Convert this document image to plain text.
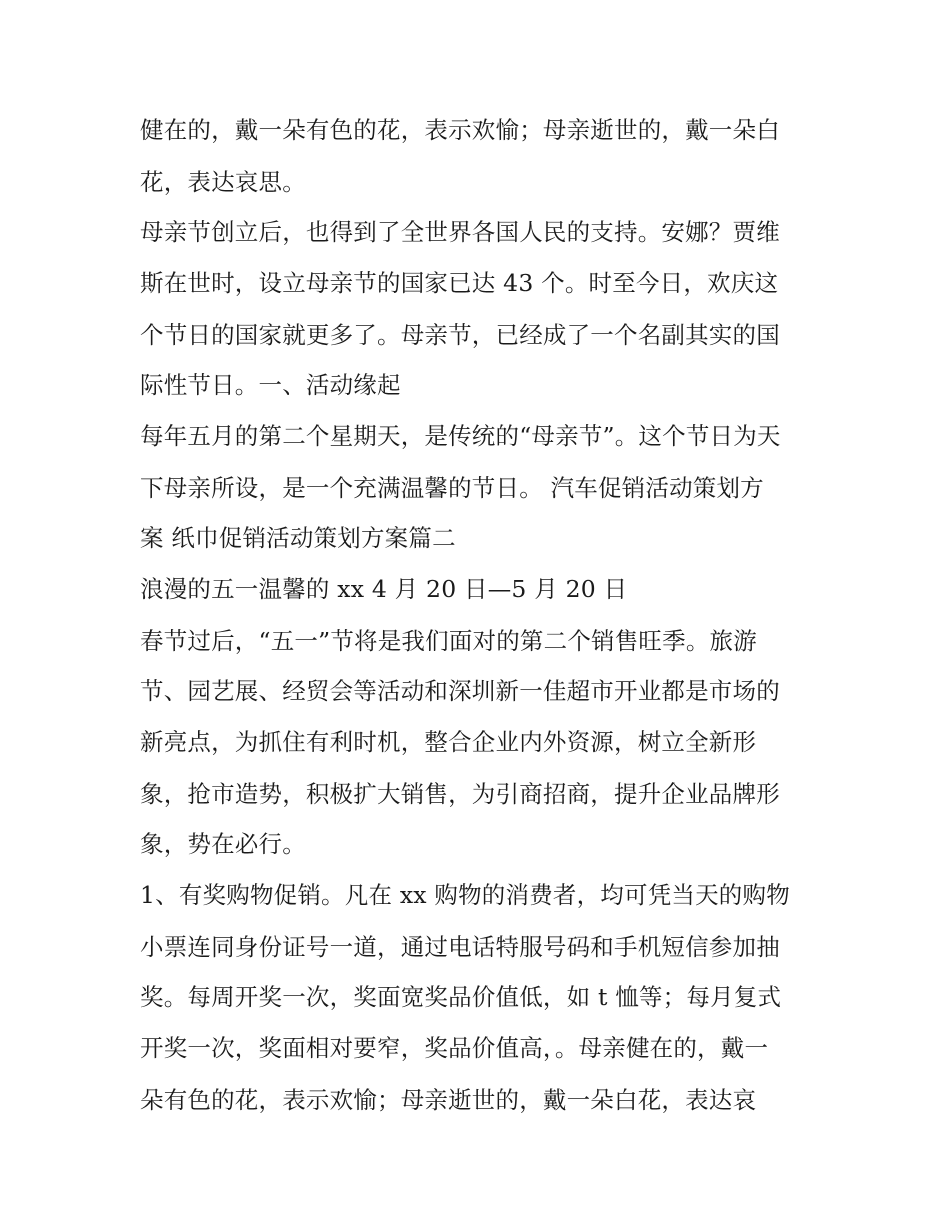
健在的，戴一朵有色的花，表示欢愉；母亲逝世的，戴一朵白
花，表达哀思。
母亲节创立后，也得到了全世界各国人民的支持。安娜？贾维
斯在世时，设立母亲节的国家已达 43 个。时至今日，欢庆这
个节日的国家就更多了。母亲节，已经成了一个名副其实的国
际性节日。一、活动缘起
每年五月的第二个星期天，是传统的“母亲节”。这个节日为天
下母亲所设，是一个充满温馨的节日。 汽车促销活动策划方
案 纸巾促销活动策划方案篇二
浪漫的五一温馨的 xx 4 月 20 日—5 月 20 日
春节过后，“五一”节将是我们面对的第二个销售旺季。旅游
节、园艺展、经贸会等活动和深圳新一佳超市开业都是市场的
新亮点，为抓住有利时机，整合企业内外资源，树立全新形
象，抢市造势，积极扩大销售，为引商招商，提升企业品牌形
象，势在必行。
1、有奖购物促销。凡在 xx 购物的消费者，均可凭当天的购物
小票连同身份证号一道，通过电话特服号码和手机短信参加抽
奖。每周开奖一次，奖面宽奖品价值低，如 t 恤等；每月复式
开奖一次，奖面相对要窄，奖品价值高，。母亲健在的，戴一
朵有色的花，表示欢愉；母亲逝世的，戴一朵白花，表达哀
